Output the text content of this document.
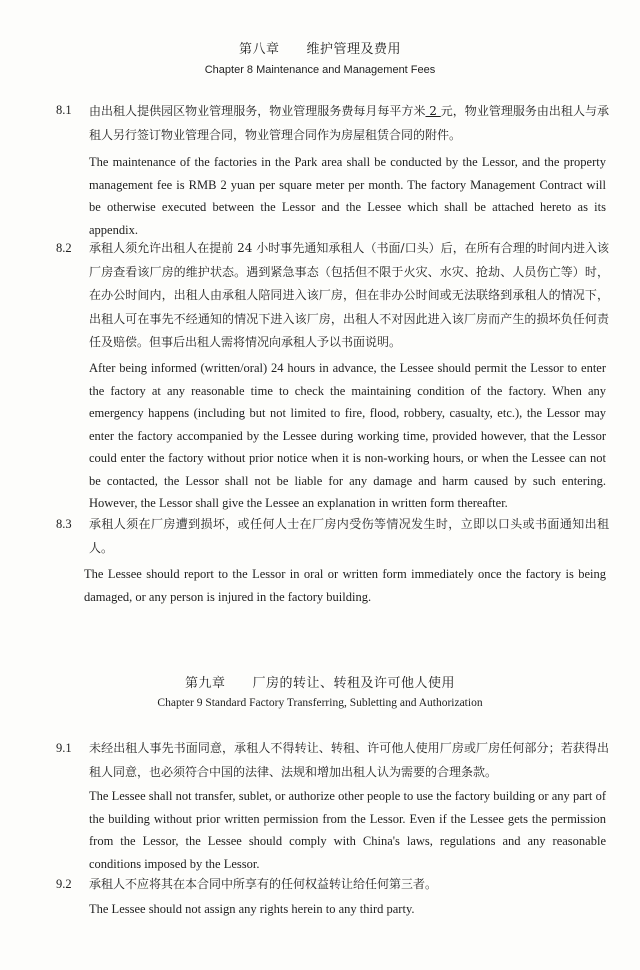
第八章　　维护管理及费用
Chapter 8 Maintenance and Management Fees
8.1	由出租人提供园区物业管理服务，物业管理服务费每月每平方米 2 元，物业管理服务由出租人与承租人另行签订物业管理合同，物业管理合同作为房屋租赁合同的附件。
The maintenance of the factories in the Park area shall be conducted by the Lessor, and the property management fee is RMB 2 yuan per square meter per month. The factory Management Contract will be otherwise executed between the Lessor and the Lessee which shall be attached hereto as its appendix.
8.2	承租人须允许出租人在提前 24 小时事先通知承租人（书面/口头）后，在所有合理的时间内进入该厂房查看该厂房的维护状态。遇到紧急事态（包括但不限于火灾、水灾、抢劫、人员伤亡等）时，在办公时间内，出租人由承租人陪同进入该厂房，但在非办公时间或无法联络到承租人的情况下，出租人可在事先不经通知的情况下进入该厂房，出租人不对因此进入该厂房而产生的损坏负任何责任及赔偿。但事后出租人需将情况向承租人予以书面说明。
After being informed (written/oral) 24 hours in advance, the Lessee should permit the Lessor to enter the factory at any reasonable time to check the maintaining condition of the factory. When any emergency happens (including but not limited to fire, flood, robbery, casualty, etc.), the Lessor may enter the factory accompanied by the Lessee during working time, provided however, that the Lessor could enter the factory without prior notice when it is non-working hours, or when the Lessee can not be contacted, the Lessor shall not be liable for any damage and harm caused by such entering. However, the Lessor shall give the Lessee an explanation in written form thereafter.
8.3	承租人须在厂房遭到损坏，或任何人士在厂房内受伤等情况发生时，立即以口头或书面通知出租人。
The Lessee should report to the Lessor in oral or written form immediately once the factory is being damaged, or any person is injured in the factory building.
第九章　　厂房的转让、转租及许可他人使用
Chapter 9 Standard Factory Transferring, Subletting and Authorization
9.1	未经出租人事先书面同意，承租人不得转让、转租、许可他人使用厂房或厂房任何部分；若获得出租人同意，也必须符合中国的法律、法规和增加出租人认为需要的合理条款。
The Lessee shall not transfer, sublet, or authorize other people to use the factory building or any part of the building without prior written permission from the Lessor. Even if the Lessee gets the permission from the Lessor, the Lessee should comply with China's laws, regulations and any reasonable conditions imposed by the Lessor.
9.2	承租人不应将其在本合同中所享有的任何权益转让给任何第三者。
The Lessee should not assign any rights herein to any third party.
